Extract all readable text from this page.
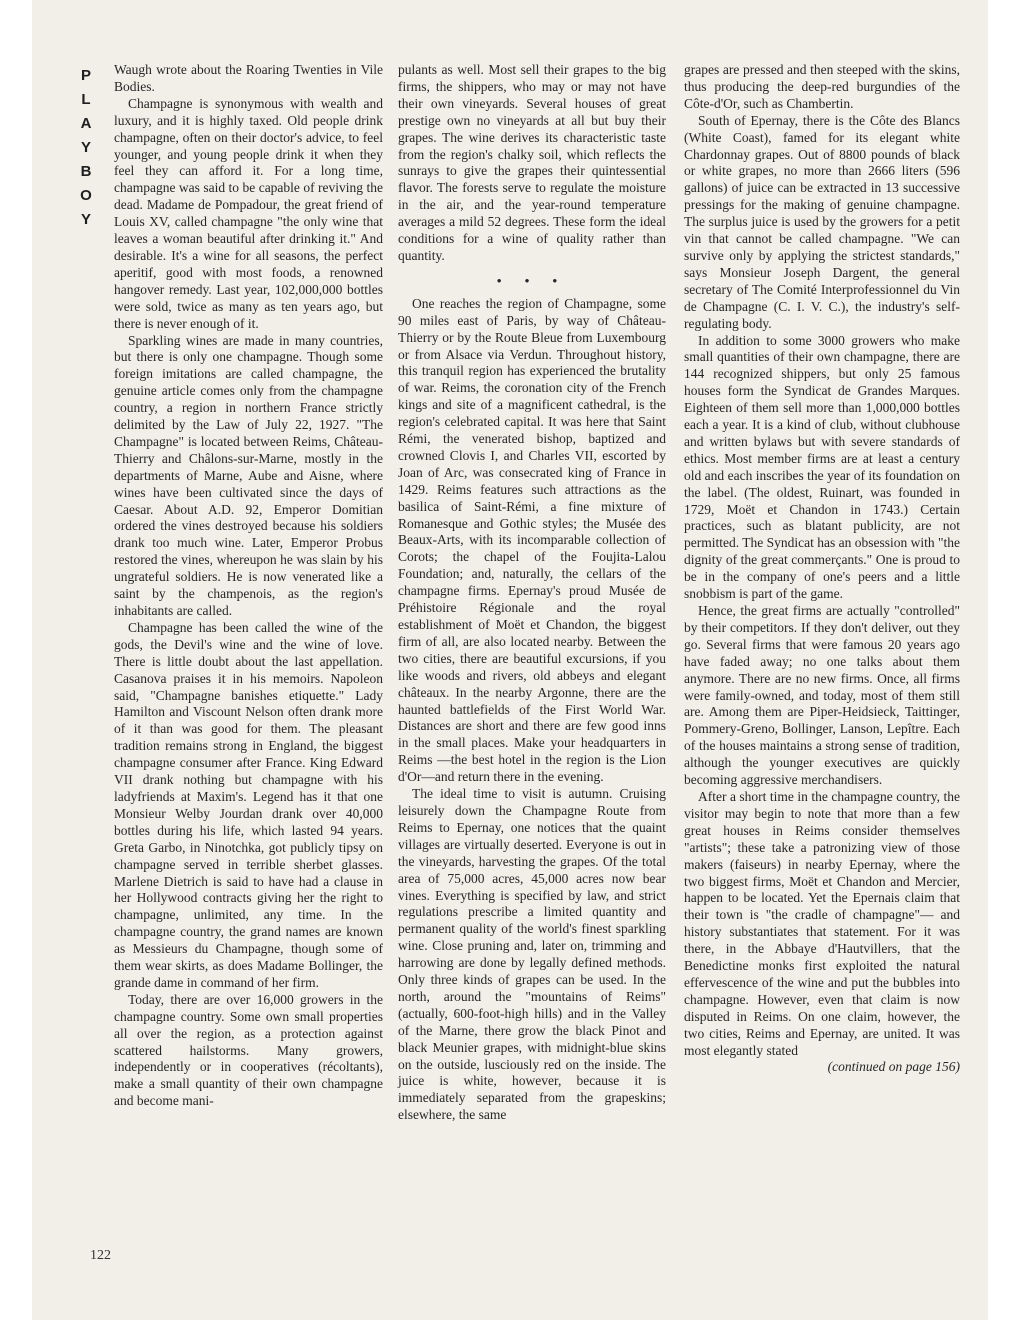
P
L
A
Y
B
O
Y

Waugh wrote about the Roaring Twenties in Vile Bodies.

Champagne is synonymous with wealth and luxury, and it is highly taxed. Old people drink champagne, often on their doctor's advice, to feel younger, and young people drink it when they feel they can afford it. For a long time, champagne was said to be capable of reviving the dead. Madame de Pompadour, the great friend of Louis XV, called champagne "the only wine that leaves a woman beautiful after drinking it." And desirable. It's a wine for all seasons, the perfect aperitif, good with most foods, a renowned hangover remedy. Last year, 102,000,000 bottles were sold, twice as many as ten years ago, but there is never enough of it.

Sparkling wines are made in many countries, but there is only one champagne. Though some foreign imitations are called champagne, the genuine article comes only from the champagne country, a region in northern France strictly delimited by the Law of July 22, 1927. "The Champagne" is located between Reims, Château-Thierry and Châlons-sur-Marne, mostly in the departments of Marne, Aube and Aisne, where wines have been cultivated since the days of Caesar. About A.D. 92, Emperor Domitian ordered the vines destroyed because his soldiers drank too much wine. Later, Emperor Probus restored the vines, whereupon he was slain by his ungrateful soldiers. He is now venerated like a saint by the champenois, as the region's inhabitants are called.

Champagne has been called the wine of the gods, the Devil's wine and the wine of love. There is little doubt about the last appellation. Casanova praises it in his memoirs. Napoleon said, "Champagne banishes etiquette." Lady Hamilton and Viscount Nelson often drank more of it than was good for them. The pleasant tradition remains strong in England, the biggest champagne consumer after France. King Edward VII drank nothing but champagne with his ladyfriends at Maxim's. Legend has it that one Monsieur Welby Jourdan drank over 40,000 bottles during his life, which lasted 94 years. Greta Garbo, in Ninotchka, got publicly tipsy on champagne served in terrible sherbet glasses. Marlene Dietrich is said to have had a clause in her Hollywood contracts giving her the right to champagne, unlimited, any time. In the champagne country, the grand names are known as Messieurs du Champagne, though some of them wear skirts, as does Madame Bollinger, the grande dame in command of her firm.

Today, there are over 16,000 growers in the champagne country. Some own small properties all over the region, as a protection against scattered hailstorms. Many growers, independently or in cooperatives (récoltants), make a small quantity of their own champagne and become mani-

pulants as well. Most sell their grapes to the big firms, the shippers, who may or may not have their own vineyards. Several houses of great prestige own no vineyards at all but buy their grapes. The wine derives its characteristic taste from the region's chalky soil, which reflects the sunrays to give the grapes their quintessential flavor. The forests serve to regulate the moisture in the air, and the year-round temperature averages a mild 52 degrees. These form the ideal conditions for a wine of quality rather than quantity.

• • •

One reaches the region of Champagne, some 90 miles east of Paris, by way of Château-Thierry or by the Route Bleue from Luxembourg or from Alsace via Verdun. Throughout history, this tranquil region has experienced the brutality of war. Reims, the coronation city of the French kings and site of a magnificent cathedral, is the region's celebrated capital. It was here that Saint Rémi, the venerated bishop, baptized and crowned Clovis I, and Charles VII, escorted by Joan of Arc, was consecrated king of France in 1429. Reims features such attractions as the basilica of Saint-Rémi, a fine mixture of Romanesque and Gothic styles; the Musée des Beaux-Arts, with its incomparable collection of Corots; the chapel of the Foujita-Lalou Foundation; and, naturally, the cellars of the champagne firms. Epernay's proud Musée de Préhistoire Régionale and the royal establishment of Moët et Chandon, the biggest firm of all, are also located nearby. Between the two cities, there are beautiful excursions, if you like woods and rivers, old abbeys and elegant châteaux. In the nearby Argonne, there are the haunted battlefields of the First World War. Distances are short and there are few good inns in the small places. Make your headquarters in Reims —the best hotel in the region is the Lion d'Or—and return there in the evening.

The ideal time to visit is autumn. Cruising leisurely down the Champagne Route from Reims to Epernay, one notices that the quaint villages are virtually deserted. Everyone is out in the vineyards, harvesting the grapes. Of the total area of 75,000 acres, 45,000 acres now bear vines. Everything is specified by law, and strict regulations prescribe a limited quantity and permanent quality of the world's finest sparkling wine. Close pruning and, later on, trimming and harrowing are done by legally defined methods. Only three kinds of grapes can be used. In the north, around the "mountains of Reims" (actually, 600-foot-high hills) and in the Valley of the Marne, there grow the black Pinot and black Meunier grapes, with midnight-blue skins on the outside, lusciously red on the inside. The juice is white, however, because it is immediately separated from the grapeskins; elsewhere, the same

grapes are pressed and then steeped with the skins, thus producing the deep-red burgundies of the Côte-d'Or, such as Chambertin.

South of Epernay, there is the Côte des Blancs (White Coast), famed for its elegant white Chardonnay grapes. Out of 8800 pounds of black or white grapes, no more than 2666 liters (596 gallons) of juice can be extracted in 13 successive pressings for the making of genuine champagne. The surplus juice is used by the growers for a petit vin that cannot be called champagne. "We can survive only by applying the strictest standards," says Monsieur Joseph Dargent, the general secretary of The Comité Interprofessionnel du Vin de Champagne (C. I. V. C.), the industry's self-regulating body.

In addition to some 3000 growers who make small quantities of their own champagne, there are 144 recognized shippers, but only 25 famous houses form the Syndicat de Grandes Marques. Eighteen of them sell more than 1,000,000 bottles each a year. It is a kind of club, without clubhouse and written bylaws but with severe standards of ethics. Most member firms are at least a century old and each inscribes the year of its foundation on the label. (The oldest, Ruinart, was founded in 1729, Moët et Chandon in 1743.) Certain practices, such as blatant publicity, are not permitted. The Syndicat has an obsession with "the dignity of the great commerçants." One is proud to be in the company of one's peers and a little snobbism is part of the game.

Hence, the great firms are actually "controlled" by their competitors. If they don't deliver, out they go. Several firms that were famous 20 years ago have faded away; no one talks about them anymore. There are no new firms. Once, all firms were family-owned, and today, most of them still are. Among them are Piper-Heidsieck, Taittinger, Pommery-Greno, Bollinger, Lanson, Lepître. Each of the houses maintains a strong sense of tradition, although the younger executives are quickly becoming aggressive merchandisers.

After a short time in the champagne country, the visitor may begin to note that more than a few great houses in Reims consider themselves "artists"; these take a patronizing view of those makers (faiseurs) in nearby Epernay, where the two biggest firms, Moët et Chandon and Mercier, happen to be located. Yet the Epernais claim that their town is "the cradle of champagne"— and history substantiates that statement. For it was there, in the Abbaye d'Hautvillers, that the Benedictine monks first exploited the natural effervescence of the wine and put the bubbles into champagne. However, even that claim is now disputed in Reims. On one claim, however, the two cities, Reims and Epernay, are united. It was most elegantly stated

(continued on page 156)

122
